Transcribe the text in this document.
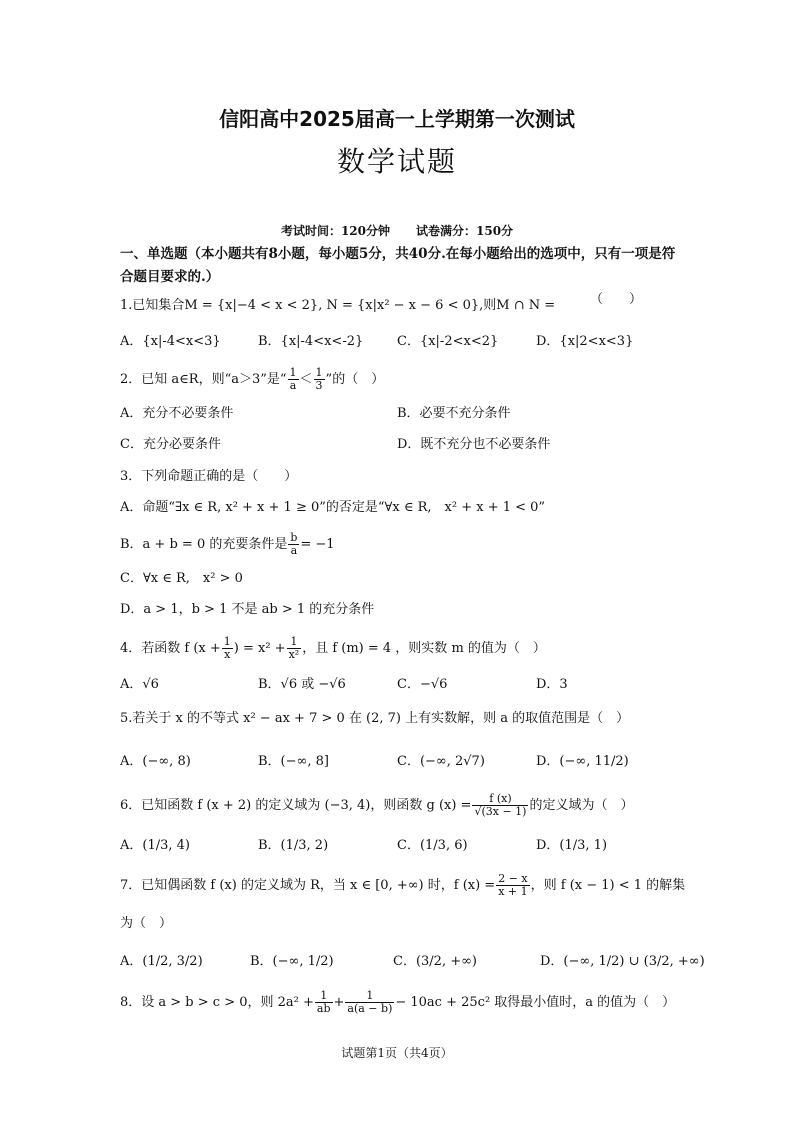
信阳高中2025届高一上学期第一次测试
数学试题
考试时间：120分钟 试卷满分：150分
一、单选题（本小题共有8小题，每小题5分，共40分.在每小题给出的选项中，只有一项是符合题目要求的.）
1.已知集合M = {x|−4 < x < 2}, N = {x|x² − x − 6 < 0},则M ∩ N =	（　　）
A．{x|-4<x<3}	B．{x|-4<x<-2}	C．{x|-2<x<2}	D．{x|2<x<3}
2．已知 a∈R，则“a＞3”是“ $\frac{1}{a} < \frac{1}{3}$ ”的（　）
A．充分不必要条件	B．必要不充分条件
C．充分必要条件	D．既不充分也不必要条件
3．下列命题正确的是（　　）
A．命题“∃x ∈ R, x² + x + 1 ≥ 0”的否定是“∀x ∈ R,　x² + x + 1 < 0”
B．a + b = 0 的充要条件是 $\frac{b}{a} = -1$
C．∀x ∈ R,　x² > 0
D．a > 1，b > 1 不是 ab > 1 的充分条件
4．若函数 f ($x + \frac{1}{x}$ ) = $x^2 + \frac{1}{\text{x²}}$ ，且 f (m) = 4 ，则实数 m 的值为（　）
A．√6	B．√6 或 −√6	C．−√6	D．3
5.若关于 x 的不等式 x² − ax + 7 > 0 在 (2, 7) 上有实数解，则 a 的取值范围是（　）
A．(−∞, 8)	B．(−∞, 8]	C．(−∞, 2√7)	D．(−∞, 11/2)
6．已知函数 f (x + 2) 的定义域为 (−3, 4)，则函数 g $(x) = \frac{f (x)}{√(3x - 1)}$ 的定义域为（　）
A．(1/3, 4)	B．(1/3, 2)	C．(1/3, 6)	D．(1/3, 1)
7．已知偶函数 f (x) 的定义域为 R，当 x ∈ [0, +∞) 时，f $(x) = \frac{2 - x}{x + 1}$ ，则 f (x − 1) < 1 的解集
为（　）
A．(1/2, 3/2)	B．(−∞, 1/2)	C．(3/2, +∞)	D．(−∞, 1/2) ∪ (3/2, +∞)
8．设 a > b > c > 0，则 $2a^2 + \frac{1}{ab} + \frac{1}{a(a - b)} - 10ac + 25c^2$ 取得最小值时，a 的值为（　）
试题第1页（共4页）
